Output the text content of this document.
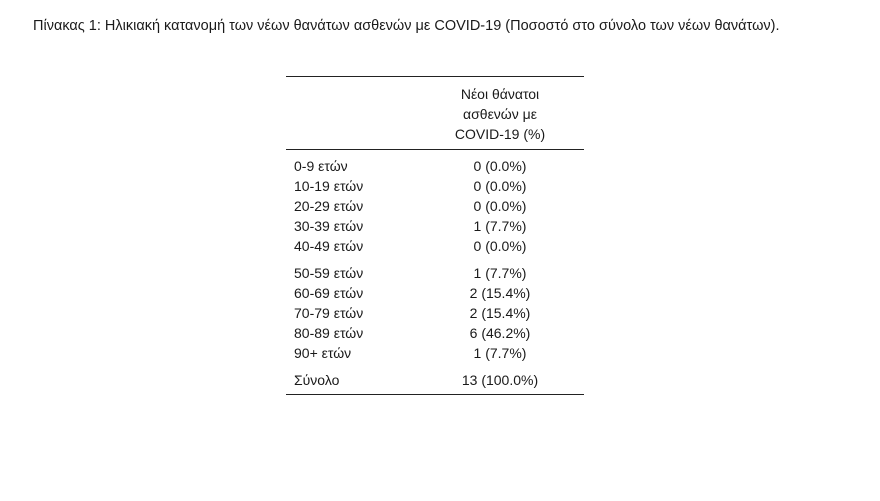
Πίνακας 1: Ηλικιακή κατανομή των νέων θανάτων ασθενών με COVID-19 (Ποσοστό στο σύνολο των νέων θανάτων).

	Νέοι θάνατοι
ασθενών με
COVID-19 (%)

0-9 ετών	0 (0.0%)
10-19 ετών	0 (0.0%)
20-29 ετών	0 (0.0%)
30-39 ετών	1 (7.7%)
40-49 ετών	0 (0.0%)
50-59 ετών	1 (7.7%)
60-69 ετών	2 (15.4%)
70-79 ετών	2 (15.4%)
80-89 ετών	6 (46.2%)
90+ ετών	1 (7.7%)
Σύνολο	13 (100.0%)
